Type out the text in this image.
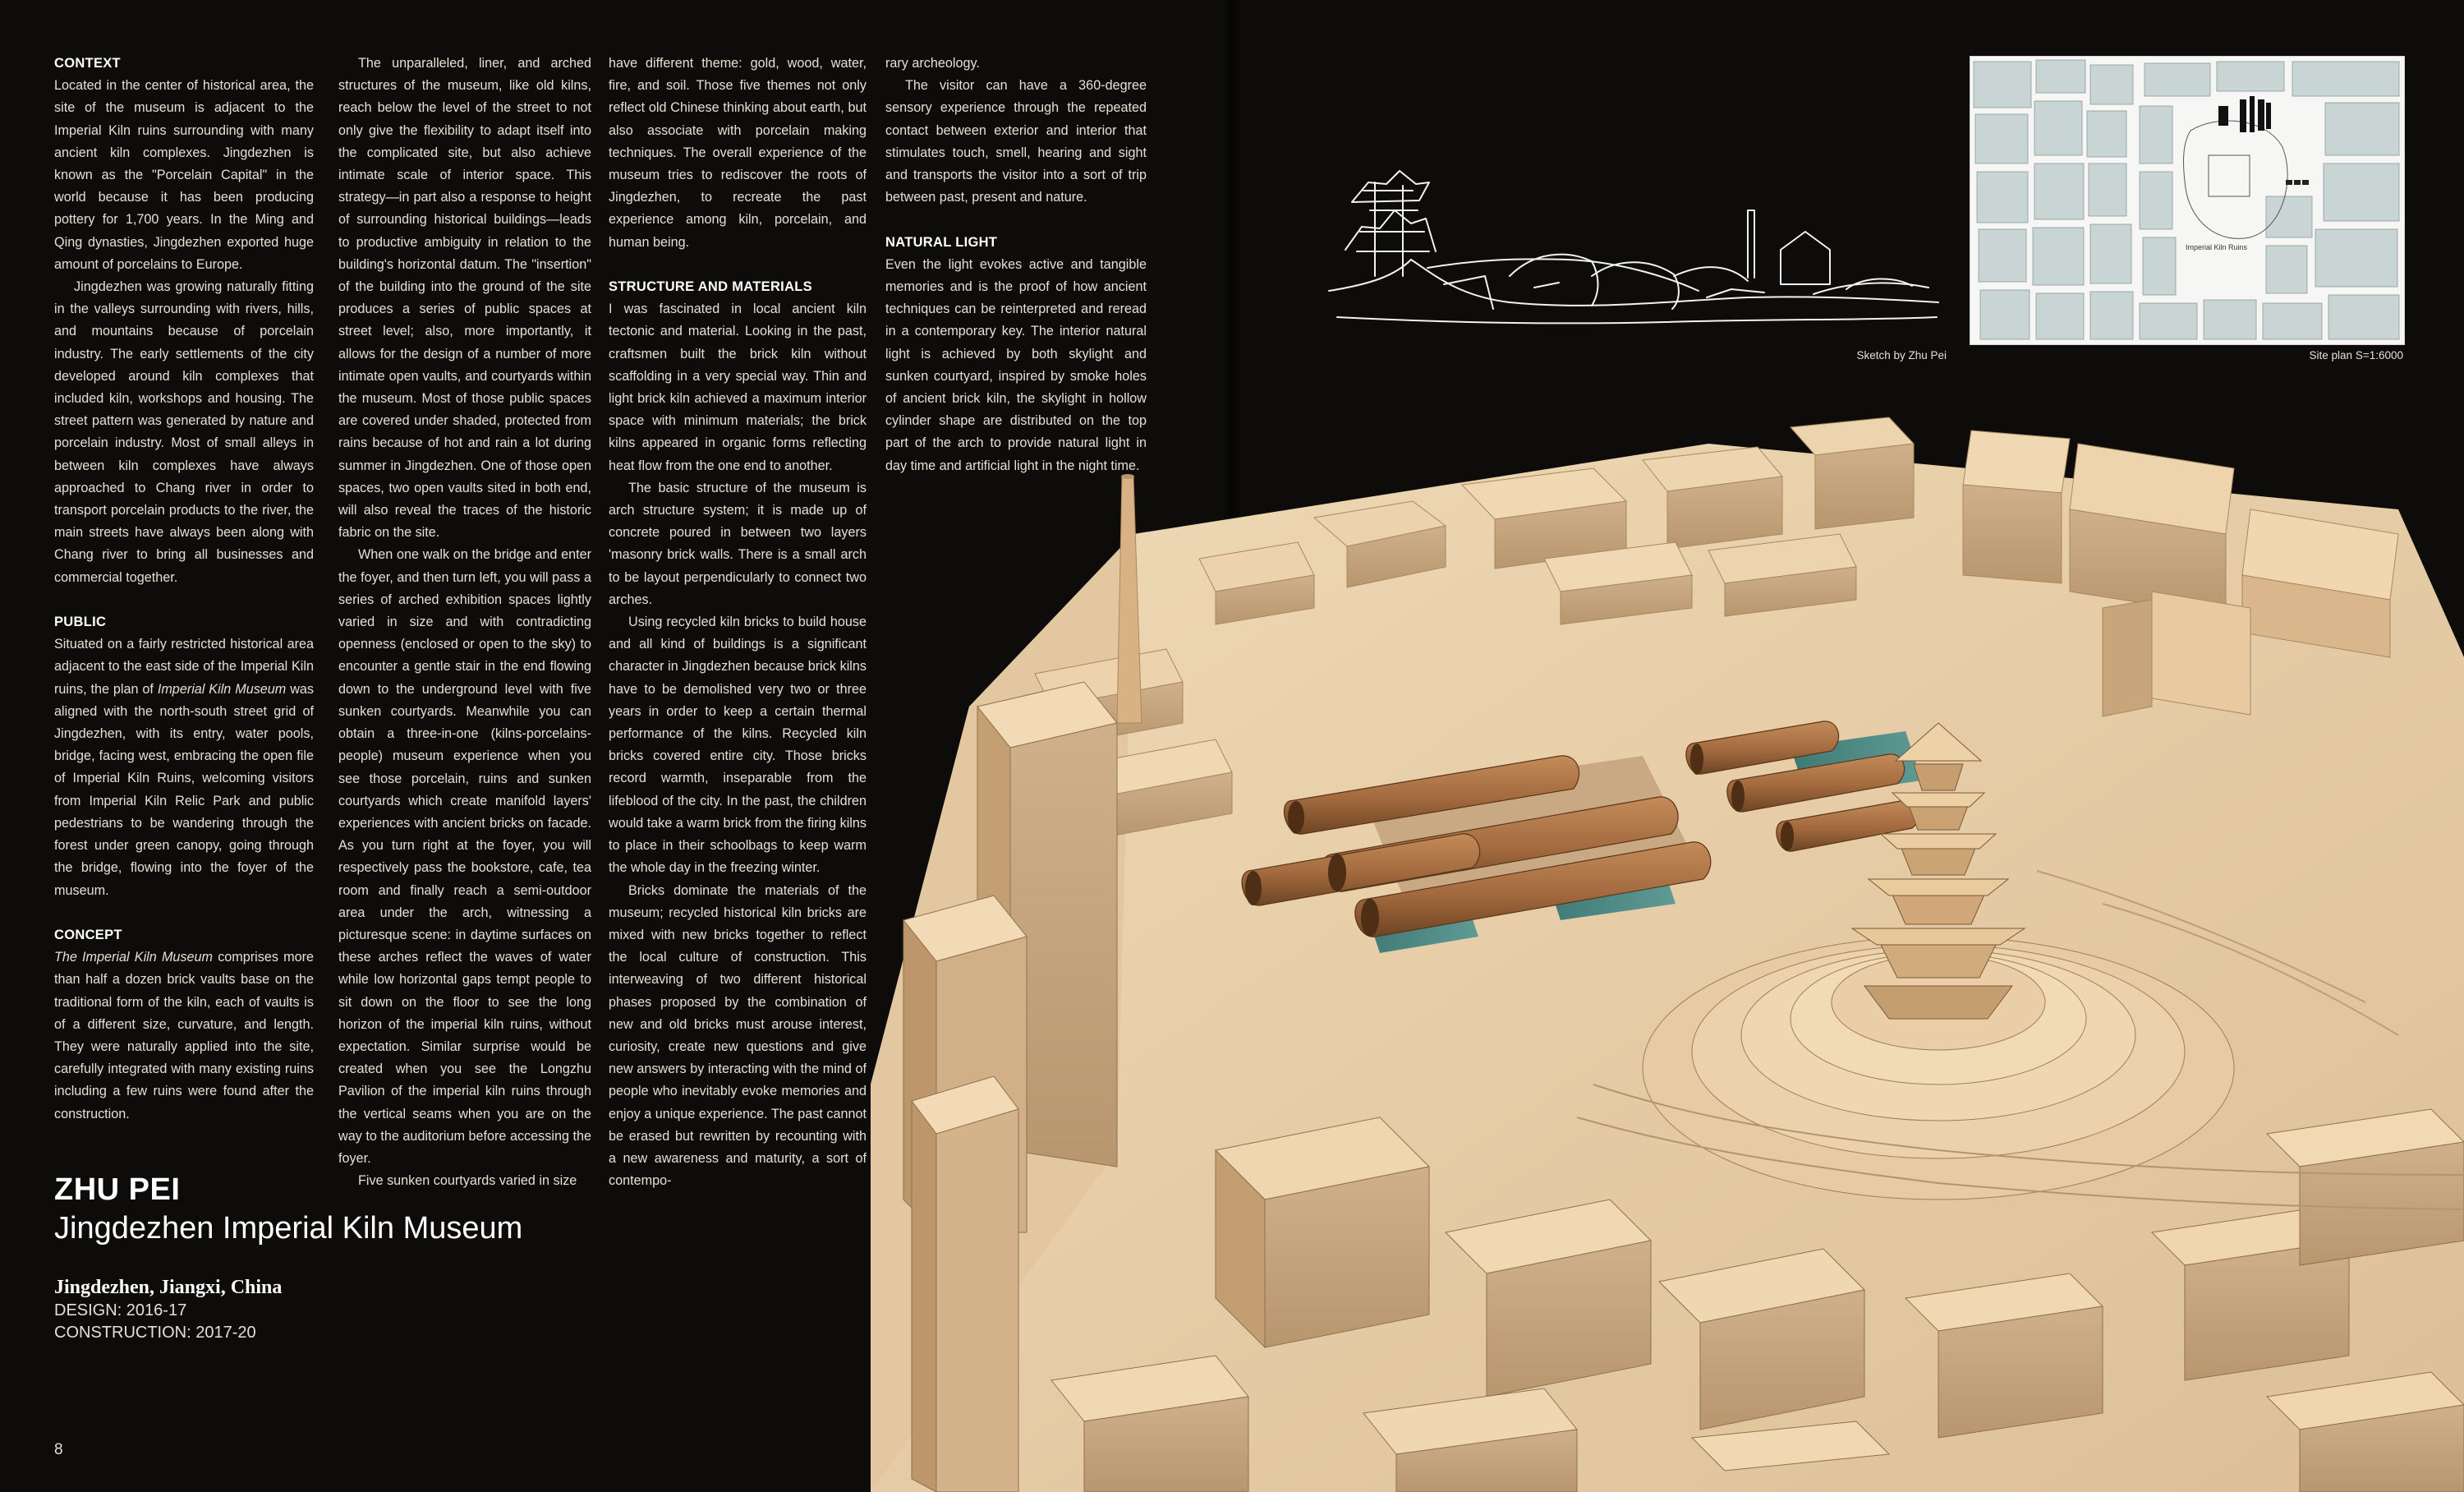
CONTEXT

Located in the center of historical area, the site of the museum is adjacent to the Imperial Kiln ruins surrounding with many ancient kiln complexes. Jingdezhen is known as the "Porcelain Capital" in the world because it has been producing pottery for 1,700 years. In the Ming and Qing dynasties, Jingdezhen exported huge amount of porcelains to Europe.

Jingdezhen was growing naturally fitting in the valleys surrounding with rivers, hills, and mountains because of porcelain industry. The early settlements of the city developed around kiln complexes that included kiln, workshops and housing. The street pattern was generated by nature and porcelain industry. Most of small alleys in between kiln complexes have always approached to Chang river in order to transport porcelain products to the river, the main streets have always been along with Chang river to bring all businesses and commercial together.

PUBLIC

Situated on a fairly restricted historical area adjacent to the east side of the Imperial Kiln ruins, the plan of Imperial Kiln Museum was aligned with the north-south street grid of Jingdezhen, with its entry, water pools, bridge, facing west, embracing the open file of Imperial Kiln Ruins, welcoming visitors from Imperial Kiln Relic Park and public pedestrians to be wandering through the forest under green canopy, going through the bridge, flowing into the foyer of the museum.

CONCEPT

The Imperial Kiln Museum comprises more than half a dozen brick vaults base on the traditional form of the kiln, each of vaults is of a different size, curvature, and length. They were naturally applied into the site, carefully integrated with many existing ruins including a few ruins were found after the construction.

The unparalleled, liner, and arched structures of the museum, like old kilns, reach below the level of the street to not only give the flexibility to adapt itself into the complicated site, but also achieve intimate scale of interior space. This strategy—in part also a response to height of surrounding historical buildings—leads to productive ambiguity in relation to the building's horizontal datum. The "insertion" of the building into the ground of the site produces a series of public spaces at street level; also, more importantly, it allows for the design of a number of more intimate open vaults, and courtyards within the museum. Most of those public spaces are covered under shaded, protected from rains because of hot and rain a lot during summer in Jingdezhen. One of those open spaces, two open vaults sited in both end, will also reveal the traces of the historic fabric on the site.

When one walk on the bridge and enter the foyer, and then turn left, you will pass a series of arched exhibition spaces lightly varied in size and with contradicting openness (enclosed or open to the sky) to encounter a gentle stair in the end flowing down to the underground level with five sunken courtyards. Meanwhile you can obtain a three-in-one (kilns-porcelains-people) museum experience when you see those porcelain, ruins and sunken courtyards which create manifold layers' experiences with ancient bricks on facade. As you turn right at the foyer, you will respectively pass the bookstore, cafe, tea room and finally reach a semi-outdoor area under the arch, witnessing a picturesque scene: in daytime surfaces on these arches reflect the waves of water while low horizontal gaps tempt people to sit down on the floor to see the long horizon of the imperial kiln ruins, without expectation. Similar surprise would be created when you see the Longzhu Pavilion of the imperial kiln ruins through the vertical seams when you are on the way to the auditorium before accessing the foyer.

Five sunken courtyards varied in size

have different theme: gold, wood, water, fire, and soil. Those five themes not only reflect old Chinese thinking about earth, but also associate with porcelain making techniques. The overall experience of the museum tries to rediscover the roots of Jingdezhen, to recreate the past experience among kiln, porcelain, and human being.

STRUCTURE AND MATERIALS

I was fascinated in local ancient kiln tectonic and material. Looking in the past, craftsmen built the brick kiln without scaffolding in a very special way. Thin and light brick kiln achieved a maximum interior space with minimum materials; the brick kilns appeared in organic forms reflecting heat flow from the one end to another.

The basic structure of the museum is arch structure system; it is made up of concrete poured in between two layers 'masonry brick walls. There is a small arch to be layout perpendicularly to connect two arches.

Using recycled kiln bricks to build house and all kind of buildings is a significant character in Jingdezhen because brick kilns have to be demolished very two or three years in order to keep a certain thermal performance of the kilns. Recycled kiln bricks covered entire city. Those bricks record warmth, inseparable from the lifeblood of the city. In the past, the children would take a warm brick from the firing kilns to place in their schoolbags to keep warm the whole day in the freezing winter.

Bricks dominate the materials of the museum; recycled historical kiln bricks are mixed with new bricks together to reflect the local culture of construction. This interweaving of two different historical phases proposed by the combination of new and old bricks must arouse interest, curiosity, create new questions and give new answers by interacting with the mind of people who inevitably evoke memories and enjoy a unique experience. The past cannot be erased but rewritten by recounting with a new awareness and maturity, a sort of contempo-

rary archeology.

The visitor can have a 360-degree sensory experience through the repeated contact between exterior and interior that stimulates touch, smell, hearing and sight and transports the visitor into a sort of trip between past, present and nature.

NATURAL LIGHT

Even the light evokes active and tangible memories and is the proof of how ancient techniques can be reinterpreted and reread in a contemporary key. The interior natural light is achieved by both skylight and sunken courtyard, inspired by smoke holes of ancient brick kiln, the skylight in hollow cylinder shape are distributed on the top part of the arch to provide natural light in day time and artificial light in the night time.

Sketch by Zhu Pei
Imperial Kiln Ruins
Site plan S=1:6000
ZHU PEI
Jingdezhen Imperial Kiln Museum
Jingdezhen, Jiangxi, China
DESIGN: 2016-17
CONSTRUCTION: 2017-20
8
